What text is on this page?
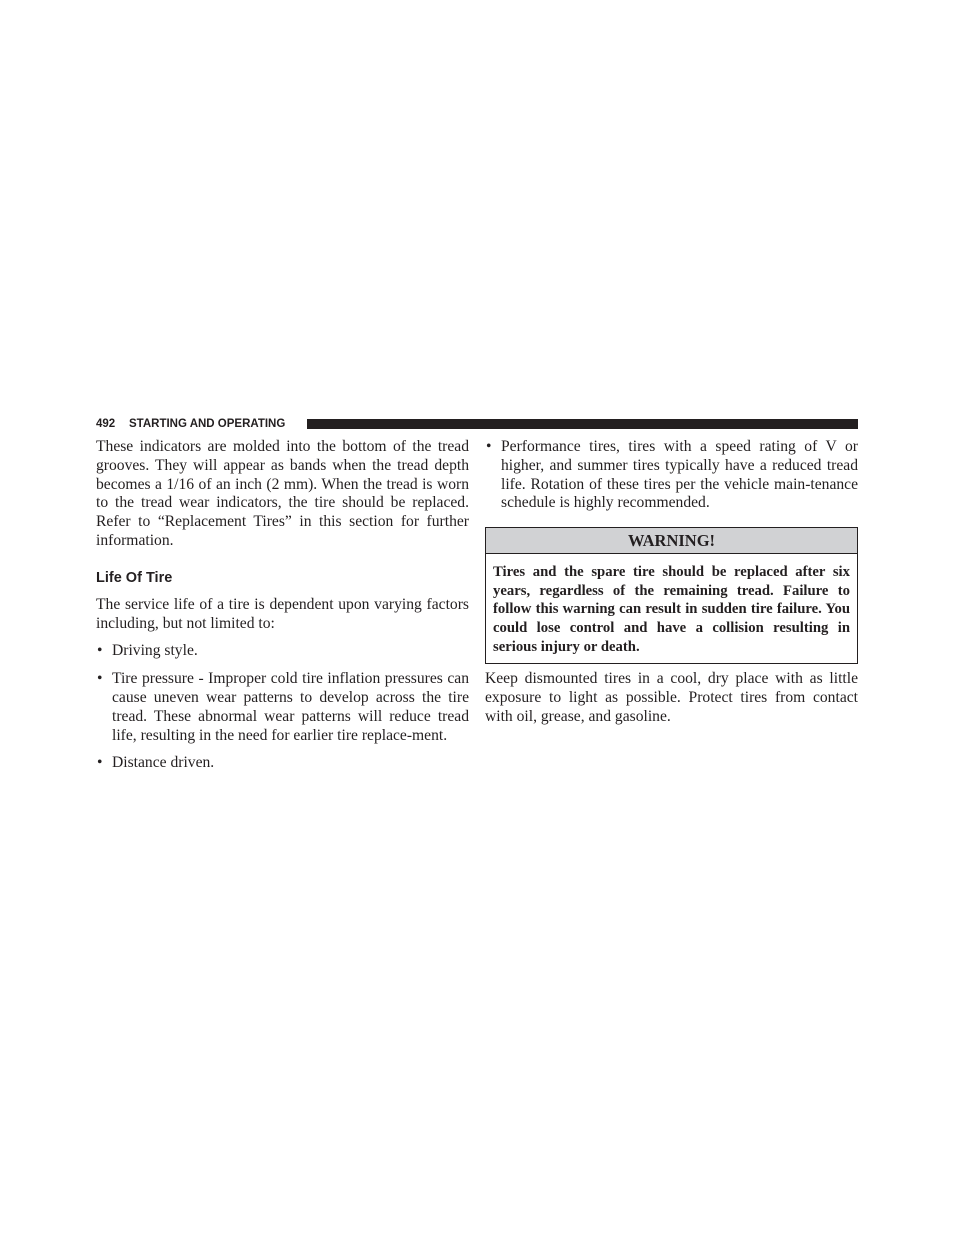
492 STARTING AND OPERATING

These indicators are molded into the bottom of the tread grooves. They will appear as bands when the tread depth becomes a 1/16 of an inch (2 mm). When the tread is worn to the tread wear indicators, the tire should be replaced. Refer to “Replacement Tires” in this section for further information.

Life Of Tire

The service life of a tire is dependent upon varying factors including, but not limited to:

• Driving style.
• Tire pressure - Improper cold tire inflation pressures can cause uneven wear patterns to develop across the tire tread. These abnormal wear patterns will reduce tread life, resulting in the need for earlier tire replace-ment.
• Distance driven.
• Performance tires, tires with a speed rating of V or higher, and summer tires typically have a reduced tread life. Rotation of these tires per the vehicle main-tenance schedule is highly recommended.
WARNING!
Tires and the spare tire should be replaced after six years, regardless of the remaining tread. Failure to follow this warning can result in sudden tire failure. You could lose control and have a collision resulting in serious injury or death.

Keep dismounted tires in a cool, dry place with as little exposure to light as possible. Protect tires from contact with oil, grease, and gasoline.
